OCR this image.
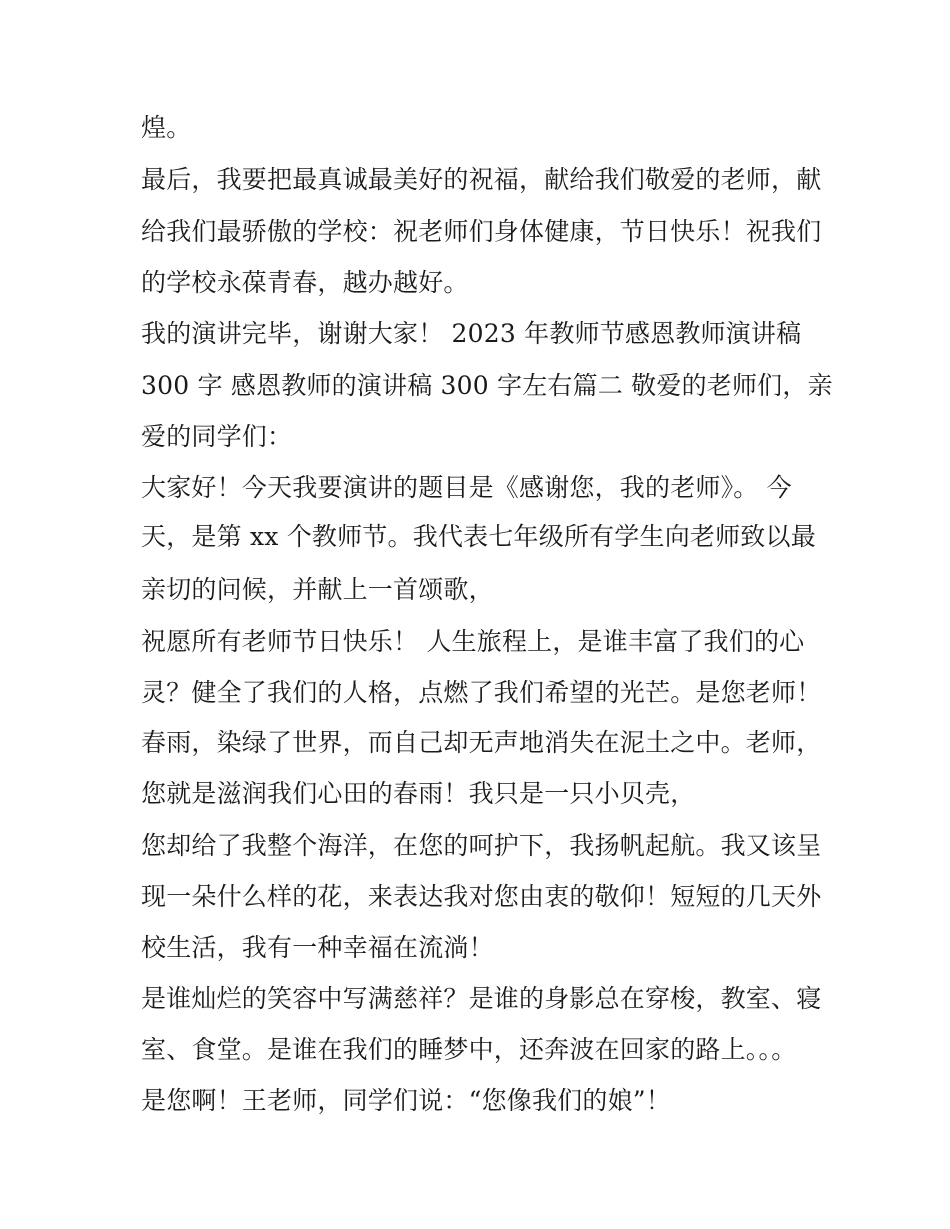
煌。
最后，我要把最真诚最美好的祝福，献给我们敬爱的老师，献
给我们最骄傲的学校：祝老师们身体健康，节日快乐！祝我们
的学校永葆青春，越办越好。
我的演讲完毕，谢谢大家！ 2023 年教师节感恩教师演讲稿
300 字 感恩教师的演讲稿 300 字左右篇二 敬爱的老师们，亲
爱的同学们：
大家好！今天我要演讲的题目是《感谢您，我的老师》。 今
天，是第 xx 个教师节。我代表七年级所有学生向老师致以最
亲切的问候，并献上一首颂歌，
祝愿所有老师节日快乐！ 人生旅程上，是谁丰富了我们的心
灵？健全了我们的人格，点燃了我们希望的光芒。是您老师！
春雨，染绿了世界，而自己却无声地消失在泥土之中。老师，
您就是滋润我们心田的春雨！我只是一只小贝壳，
您却给了我整个海洋，在您的呵护下，我扬帆起航。我又该呈
现一朵什么样的花，来表达我对您由衷的敬仰！短短的几天外
校生活，我有一种幸福在流淌！
是谁灿烂的笑容中写满慈祥？是谁的身影总在穿梭，教室、寝
室、食堂。是谁在我们的睡梦中，还奔波在回家的路上。。。
是您啊！王老师，同学们说：“您像我们的娘”！
